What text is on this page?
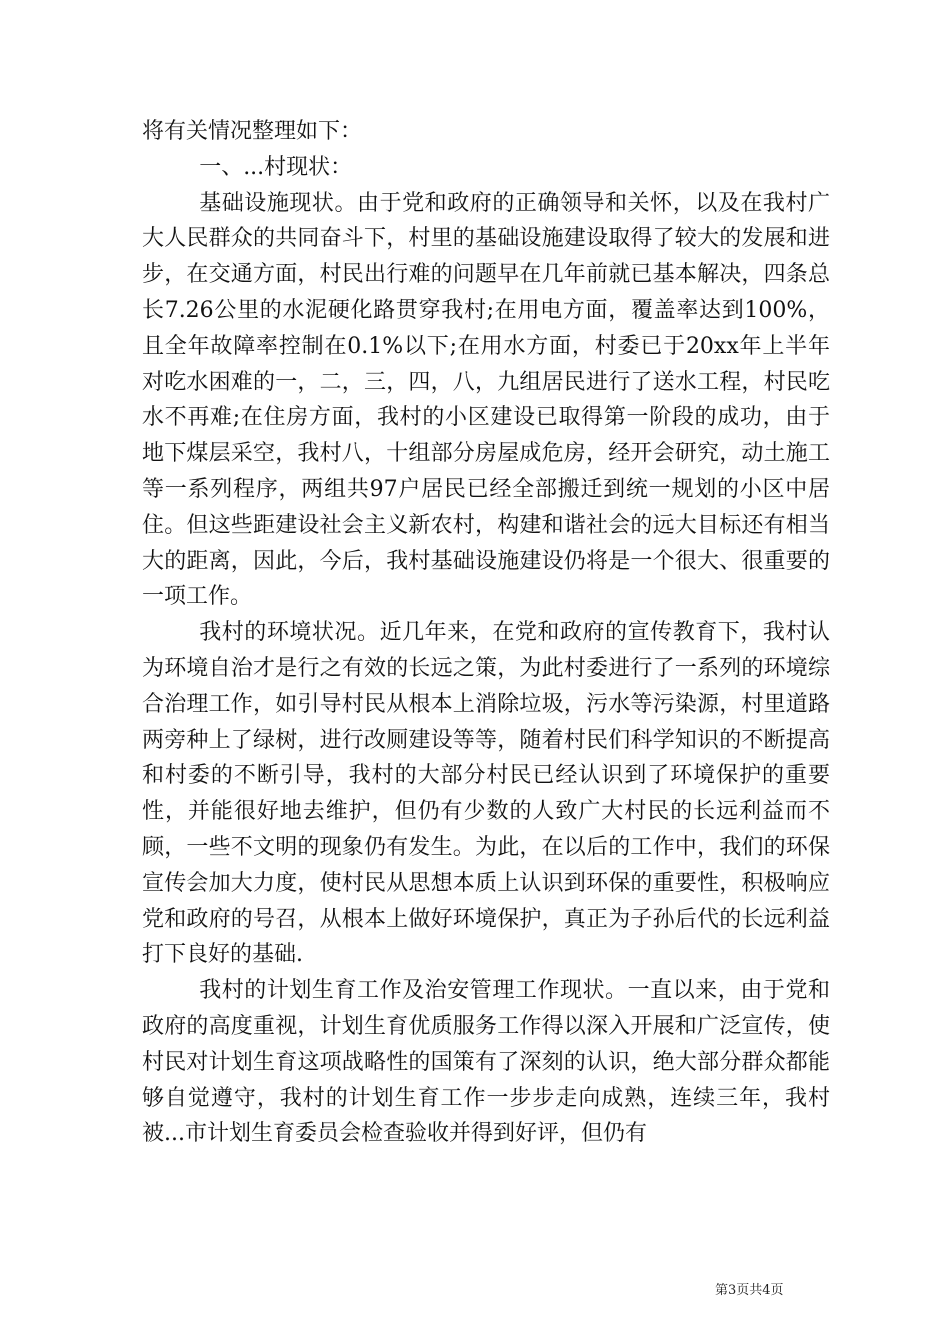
将有关情况整理如下：

一、...村现状：

基础设施现状。由于党和政府的正确领导和关怀，以及在我村广大人民群众的共同奋斗下，村里的基础设施建设取得了较大的发展和进步，在交通方面，村民出行难的问题早在几年前就已基本解决，四条总长7.26公里的水泥硬化路贯穿我村;在用电方面，覆盖率达到100%，且全年故障率控制在0.1%以下;在用水方面，村委已于20xx年上半年对吃水困难的一，二，三，四，八，九组居民进行了送水工程，村民吃水不再难;在住房方面，我村的小区建设已取得第一阶段的成功，由于地下煤层采空，我村八，十组部分房屋成危房，经开会研究，动土施工等一系列程序，两组共97户居民已经全部搬迁到统一规划的小区中居住。但这些距建设社会主义新农村，构建和谐社会的远大目标还有相当大的距离，因此，今后，我村基础设施建设仍将是一个很大、很重要的一项工作。

我村的环境状况。近几年来，在党和政府的宣传教育下，我村认为环境自治才是行之有效的长远之策，为此村委进行了一系列的环境综合治理工作，如引导村民从根本上消除垃圾，污水等污染源，村里道路两旁种上了绿树，进行改厕建设等等，随着村民们科学知识的不断提高和村委的不断引导，我村的大部分村民已经认识到了环境保护的重要性，并能很好地去维护，但仍有少数的人致广大村民的长远利益而不顾，一些不文明的现象仍有发生。为此，在以后的工作中，我们的环保宣传会加大力度，使村民从思想本质上认识到环保的重要性，积极响应党和政府的号召，从根本上做好环境保护，真正为子孙后代的长远利益打下良好的基础.

我村的计划生育工作及治安管理工作现状。一直以来，由于党和政府的高度重视，计划生育优质服务工作得以深入开展和广泛宣传，使村民对计划生育这项战略性的国策有了深刻的认识，绝大部分群众都能够自觉遵守，我村的计划生育工作一步步走向成熟，连续三年，我村被...市计划生育委员会检查验收并得到好评，但仍有

第3页共4页
